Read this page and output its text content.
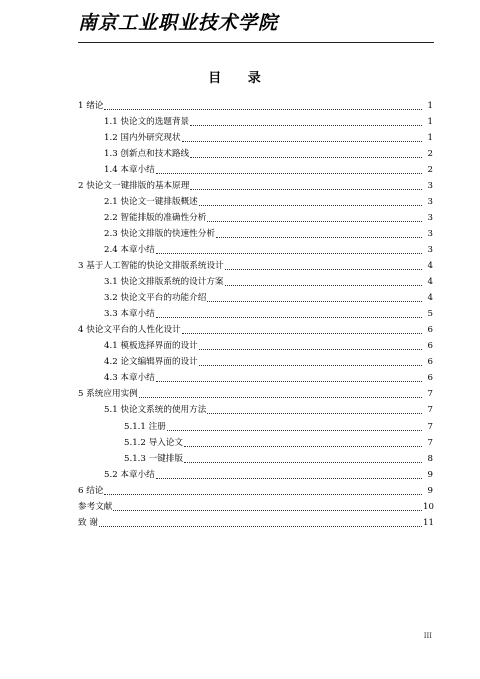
南京工业职业技术学院
目 录
1 绪论	1
1.1 快论文的选题背景	1
1.2 国内外研究现状	1
1.3 创新点和技术路线	2
1.4 本章小结	2
2 快论文一键排版的基本原理	3
2.1 快论文一键排版概述	3
2.2 智能排版的准确性分析	3
2.3 快论文排版的快速性分析	3
2.4 本章小结	3
3 基于人工智能的快论文排版系统设计	4
3.1 快论文排版系统的设计方案	4
3.2 快论文平台的功能介绍	4
3.3 本章小结	5
4 快论文平台的人性化设计	6
4.1 模板选择界面的设计	6
4.2 论文编辑界面的设计	6
4.3 本章小结	6
5 系统应用实例	7
5.1 快论文系统的使用方法	7
5.1.1 注册	7
5.1.2 导入论文	7
5.1.3 一键排版	8
5.2 本章小结	9
6 结论	9
参考文献	10
致 谢	11
III
